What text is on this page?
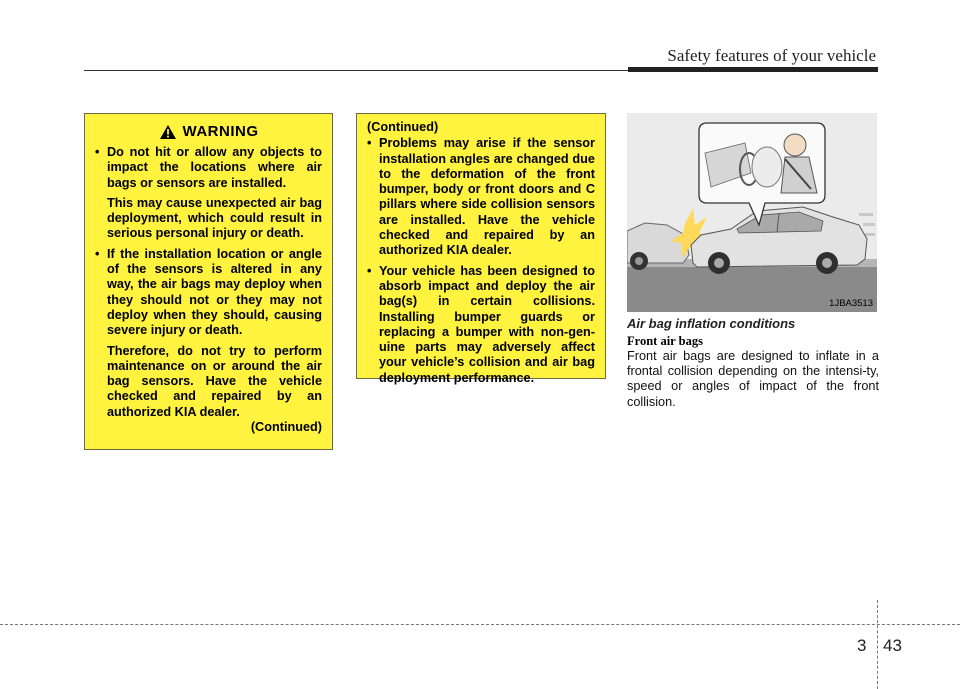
Safety features of your vehicle
WARNING
• Do not hit or allow any objects to impact the locations where air bags or sensors are installed.
This may cause unexpected air bag deployment, which could result in serious personal injury or death.
• If the installation location or angle of the sensors is altered in any way, the air bags may deploy when they should not or they may not deploy when they should, causing severe injury or death.
Therefore, do not try to perform maintenance on or around the air bag sensors. Have the vehicle checked and repaired by an authorized KIA dealer.
(Continued)
(Continued)
• Problems may arise if the sensor installation angles are changed due to the deformation of the front bumper, body or front doors and C pillars where side collision sensors are installed. Have the vehicle checked and repaired by an authorized KIA dealer.
• Your vehicle has been designed to absorb impact and deploy the air bag(s) in certain collisions. Installing bumper guards or replacing a bumper with non-gen-uine parts may adversely affect your vehicle’s collision and air bag deployment performance.
1JBA3513
Air bag inflation conditions
Front air bags
Front air bags are designed to inflate in a frontal collision depending on the intensi-ty, speed or angles of impact of the front collision.
3 43
